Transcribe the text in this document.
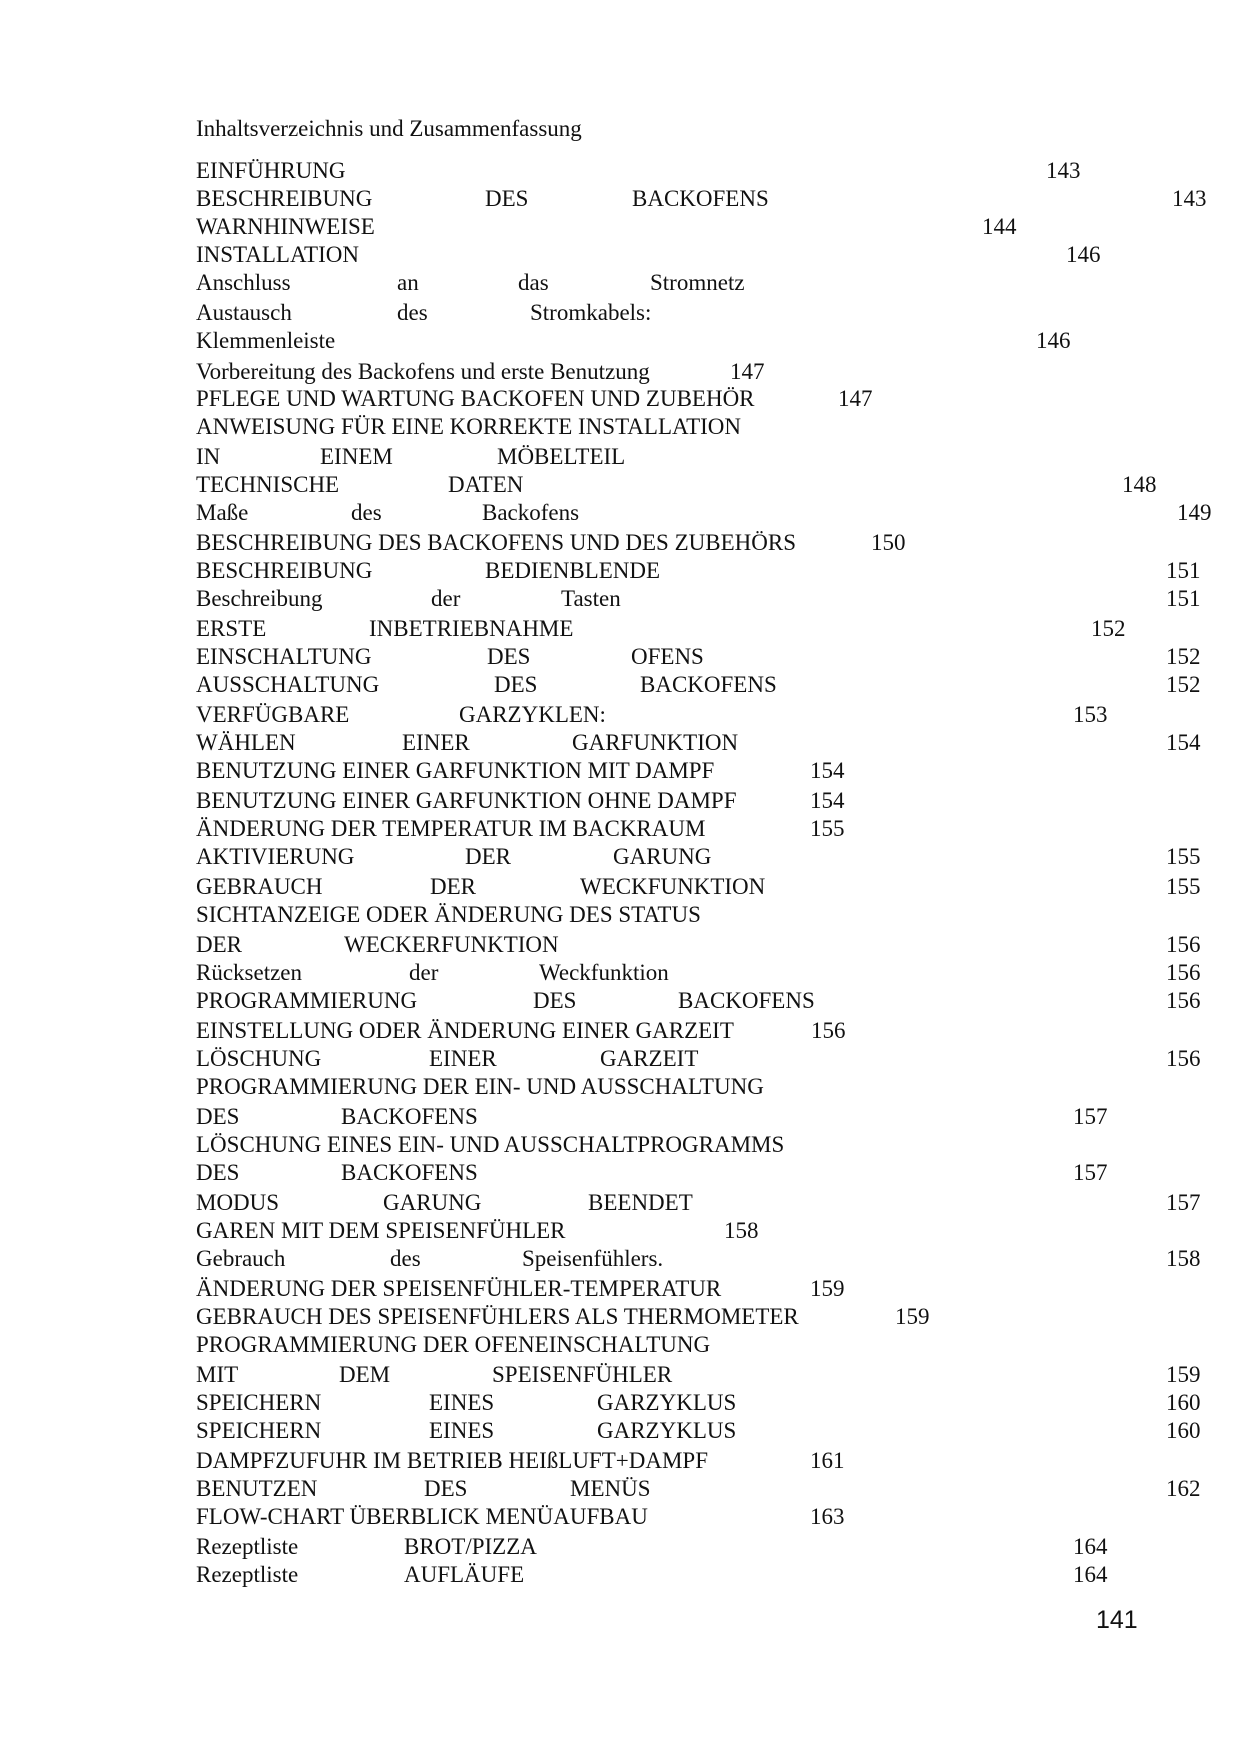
Inhaltsverzeichnis und Zusammenfassung
EINFÜHRUNG	143
BESCHREIBUNG	DES	BACKOFENS	143
WARNHINWEISE	144
INSTALLATION	146
Anschluss	an	das	Stromnetz
Austausch	des	Stromkabels:
Klemmenleiste	146
Vorbereitung des Backofens und erste Benutzung	147
PFLEGE UND WARTUNG BACKOFEN UND ZUBEHÖR	147
ANWEISUNG FÜR EINE KORREKTE INSTALLATION
IN	EINEM	MÖBELTEIL
TECHNISCHE	DATEN	148
Maße	des	Backofens	149
BESCHREIBUNG DES BACKOFENS UND DES ZUBEHÖRS	150
BESCHREIBUNG	BEDIENBLENDE	151
Beschreibung	der	Tasten	151
ERSTE	INBETRIEBNAHME	152
EINSCHALTUNG	DES	OFENS	152
AUSSCHALTUNG	DES	BACKOFENS	152
VERFÜGBARE	GARZYKLEN:	153
WÄHLEN	EINER	GARFUNKTION	154
BENUTZUNG EINER GARFUNKTION MIT DAMPF	154
BENUTZUNG EINER GARFUNKTION OHNE DAMPF	154
ÄNDERUNG DER TEMPERATUR IM BACKRAUM	155
AKTIVIERUNG	DER	GARUNG	155
GEBRAUCH	DER	WECKFUNKTION	155
SICHTANZEIGE ODER ÄNDERUNG DES STATUS
DER	WECKERFUNKTION	156
Rücksetzen	der	Weckfunktion	156
PROGRAMMIERUNG	DES	BACKOFENS	156
EINSTELLUNG ODER ÄNDERUNG EINER GARZEIT	156
LÖSCHUNG	EINER	GARZEIT	156
PROGRAMMIERUNG DER EIN- UND AUSSCHALTUNG
DES	BACKOFENS	157
LÖSCHUNG EINES EIN- UND AUSSCHALTPROGRAMMS
DES	BACKOFENS	157
MODUS	GARUNG	BEENDET	157
GAREN MIT DEM SPEISENFÜHLER	158
Gebrauch	des	Speisenfühlers.	158
ÄNDERUNG DER SPEISENFÜHLER-TEMPERATUR	159
GEBRAUCH DES SPEISENFÜHLERS ALS THERMOMETER	159
PROGRAMMIERUNG DER OFENEINSCHALTUNG
MIT	DEM	SPEISENFÜHLER	159
SPEICHERN	EINES	GARZYKLUS	160
SPEICHERN	EINES	GARZYKLUS	160
DAMPFZUFUHR IM BETRIEB HEIßLUFT+DAMPF	161
BENUTZEN	DES	MENÜS	162
FLOW-CHART ÜBERBLICK MENÜAUFBAU	163
Rezeptliste	BROT/PIZZA	164
Rezeptliste	AUFLÄUFE	164
141
